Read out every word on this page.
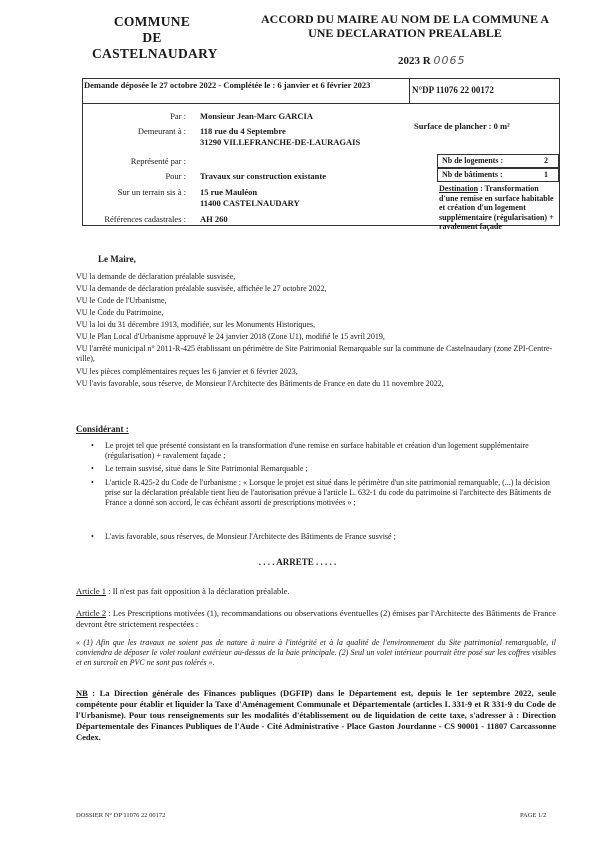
COMMUNE
DE
CASTELNAUDARY
ACCORD DU MAIRE AU NOM DE LA COMMUNE A
UNE DECLARATION PREALABLE
2023 R 0065
Demande déposée le 27 octobre 2022 - Complétée le : 6 janvier et 6 février 2023	N°DP 11076 22 00172
Par : Monsieur Jean-Marc GARCIA
Demeurant à : 118 rue du 4 Septembre
31290 VILLEFRANCHE-DE-LAURAGAIS
Représenté par :
Pour : Travaux sur construction existante
Sur un terrain sis à : 15 rue Mauléon
11400 CASTELNAUDARY
Références cadastrales : AH 260
Surface de plancher : 0 m²
Nb de logements :	2
Nb de bâtiments :	1
Destination : Transformation d'une remise en surface habitable et création d'un logement supplémentaire (régularisation) + ravalement façade
Le Maire,
VU la demande de déclaration préalable susvisée,
VU la demande de déclaration préalable susvisée, affichée le 27 octobre 2022,
VU le Code de l'Urbanisme,
VU le Code du Patrimoine,
VU la loi du 31 décembre 1913, modifiée, sur les Monuments Historiques,
VU le Plan Local d'Urbanisme approuvé le 24 janvier 2018 (Zone U1), modifié le 15 avril 2019,
VU l'arrêté municipal n° 2011-R-425 établissant un périmètre de Site Patrimonial Remarquable sur la commune de Castelnaudary (zone ZPI-Centre-ville),
VU les pièces complémentaires reçues les 6 janvier et 6 février 2023,
VU l'avis favorable, sous réserve, de Monsieur l'Architecte des Bâtiments de France en date du 11 novembre 2022,
Considérant :
• Le projet tel que présenté consistant en la transformation d'une remise en surface habitable et création d'un logement supplémentaire (régularisation) + ravalement façade ;
• Le terrain susvisé, situé dans le Site Patrimonial Remarquable ;
• L'article R.425-2 du Code de l'urbanisme : « Lorsque le projet est situé dans le périmètre d'un site patrimonial remarquable, (...) la décision prise sur la déclaration préalable tient lieu de l'autorisation prévue à l'article L. 632-1 du code du patrimoine si l'architecte des Bâtiments de France a donné son accord, le cas échéant assorti de prescriptions motivées » ;
• L'avis favorable, sous réserves, de Monsieur l'Architecte des Bâtiments de France susvisé ;
. . . . ARRETE . . . . .
Article 1 : Il n'est pas fait opposition à la déclaration préalable.
Article 2 : Les Prescriptions motivées (1), recommandations ou observations éventuelles (2) émises par l'Architecte des Bâtiments de France devront être strictement respectées :
« (1) Afin que les travaux ne soient pas de nature à nuire à l'intégrité et à la qualité de l'environnement du Site patrimonial remarquable, il conviendra de déposer le volet roulant extérieur au-dessus de la baie principale. (2) Seul un volet intérieur pourrait être posé sur les coffres visibles et en surcroît en PVC ne sont pas tolérés ».
NB : La Direction générale des Finances publiques (DGFIP) dans le Département est, depuis le 1er septembre 2022, seule compétente pour établir et liquider la Taxe d'Aménagement Communale et Départementale (articles L 331-9 et R 331-9 du Code de l'Urbanisme). Pour tous renseignements sur les modalités d'établissement ou de liquidation de cette taxe, s'adresser à : Direction Départementale des Finances Publiques de l'Aude - Cité Administrative - Place Gaston Jourdanne - CS 90001 - 11807 Carcassonne Cedex.
DOSSIER N° DP 11076 22 00172	PAGE 1/2
